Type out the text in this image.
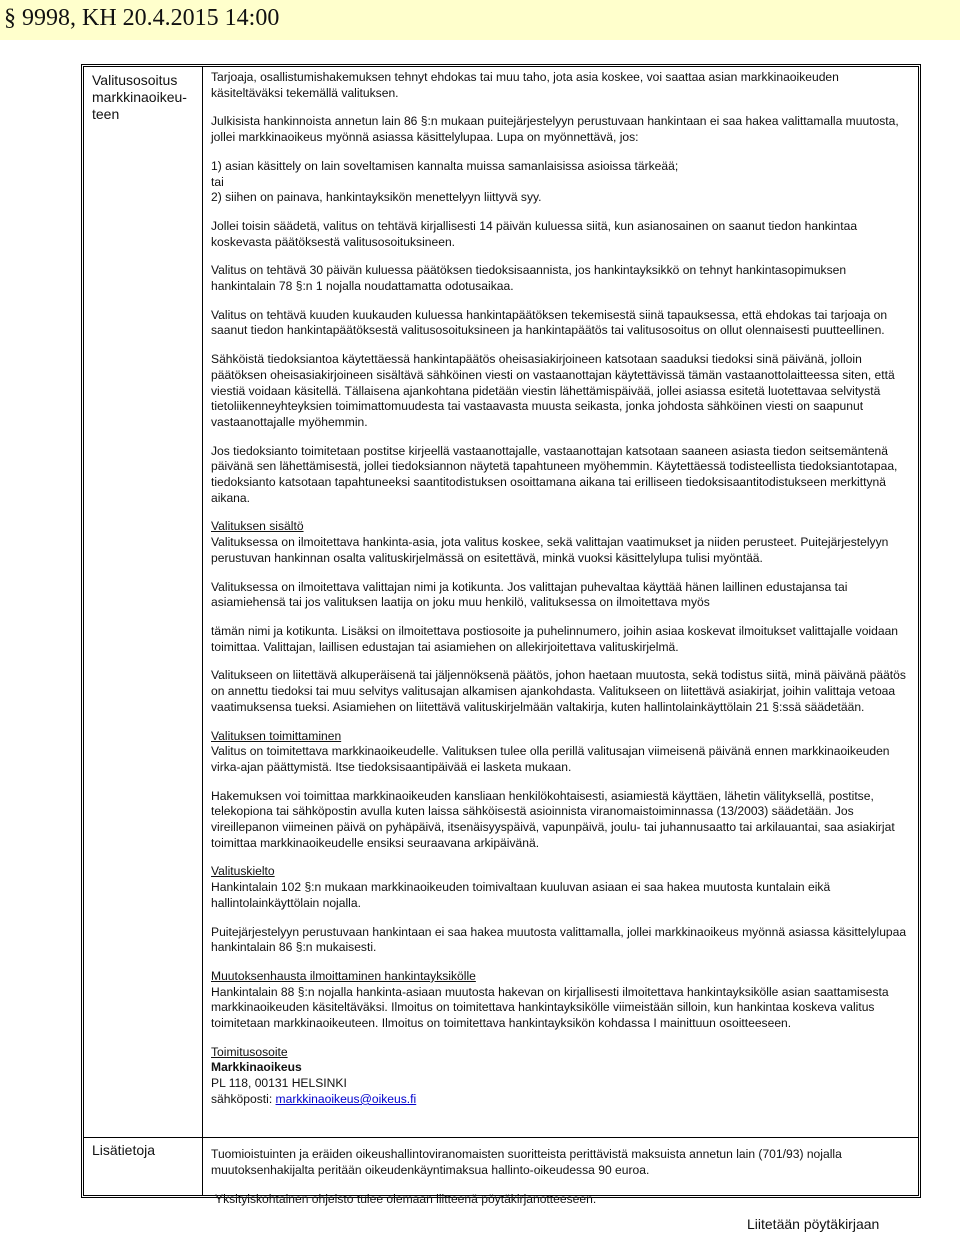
§ 9998, KH 20.4.2015 14:00
Valitusosoitus
markkinaoikeu-
teen
Lisätietoja

Tarjoaja, osallistumishakemuksen tehnyt ehdokas tai muu taho, jota asia koskee, voi saattaa asian markkinaoikeuden käsiteltäväksi tekemällä valituksen.

Julkisista hankinnoista annetun lain 86 §:n mukaan puitejärjestelyyn perustuvaan hankintaan ei saa hakea valittamalla muutosta, jollei markkinaoikeus myönnä asiassa käsittelylupaa. Lupa on myönnettävä, jos:

1) asian käsittely on lain soveltamisen kannalta muissa samanlaisissa asioissa tärkeää;
tai
2) siihen on painava, hankintayksikön menettelyyn liittyvä syy.

Jollei toisin säädetä, valitus on tehtävä kirjallisesti 14 päivän kuluessa siitä, kun asianosainen on saanut tiedon hankintaa koskevasta päätöksestä valitusosoituksineen.

Valitus on tehtävä 30 päivän kuluessa päätöksen tiedoksisaannista, jos hankintayksikkö on tehnyt hankintasopimuksen hankintalain 78 §:n 1 nojalla noudattamatta odotusaikaa.

Valitus on tehtävä kuuden kuukauden kuluessa hankintapäätöksen tekemisestä siinä tapauksessa, että ehdokas tai tarjoaja on saanut tiedon hankintapäätöksestä valitusosoituksineen ja hankintapäätös tai valitusosoitus on ollut olennaisesti puutteellinen.

Sähköistä tiedoksiantoa käytettäessä hankintapäätös oheisasiakirjoineen katsotaan saaduksi tiedoksi sinä päivänä, jolloin päätöksen oheisasiakirjoineen sisältävä sähköinen viesti on vastaanottajan käytettävissä tämän vastaanottolaitteessa siten, että viestiä voidaan käsitellä. Tällaisena ajankohtana pidetään viestin lähettämispäivää, jollei asiassa esitetä luotettavaa selvitystä tietoliikenneyhteyksien toimimattomuudesta tai vastaavasta muusta seikasta, jonka johdosta sähköinen viesti on saapunut vastaanottajalle myöhemmin.

Jos tiedoksianto toimitetaan postitse kirjeellä vastaanottajalle, vastaanottajan katsotaan saaneen asiasta tiedon seitsemäntenä päivänä sen lähettämisestä, jollei tiedoksiannon näytetä tapahtuneen myöhemmin. Käytettäessä todisteellista tiedoksiantotapaa, tiedoksianto katsotaan tapahtuneeksi saantitodistuksen osoittamana aikana tai erilliseen tiedoksisaantitodistukseen merkittynä aikana.

Valituksen sisältö
Valituksessa on ilmoitettava hankinta-asia, jota valitus koskee, sekä valittajan vaatimukset ja niiden perusteet. Puitejärjestelyyn perustuvan hankinnan osalta valituskirjelmässä on esitettävä, minkä vuoksi käsittelylupa tulisi myöntää.

Valituksessa on ilmoitettava valittajan nimi ja kotikunta. Jos valittajan puhevaltaa käyttää hänen laillinen edustajansa tai asiamiehensä tai jos valituksen laatija on joku muu henkilö, valituksessa on ilmoitettava myös

tämän nimi ja kotikunta. Lisäksi on ilmoitettava postiosoite ja puhelinnumero, joihin asiaa koskevat ilmoitukset valittajalle voidaan toimittaa. Valittajan, laillisen edustajan tai asiamiehen on allekirjoitettava valituskirjelmä.

Valitukseen on liitettävä alkuperäisenä tai jäljennöksenä päätös, johon haetaan muutosta, sekä todistus siitä, minä päivänä päätös on annettu tiedoksi tai muu selvitys valitusajan alkamisen ajankohdasta. Valitukseen on liitettävä asiakirjat, joihin valittaja vetoaa vaatimuksensa tueksi. Asiamiehen on liitettävä valituskirjelmään valtakirja, kuten hallintolainkäyttölain 21 §:ssä säädetään.

Valituksen toimittaminen
Valitus on toimitettava markkinaoikeudelle. Valituksen tulee olla perillä valitusajan viimeisenä päivänä ennen markkinaoikeuden virka-ajan päättymistä. Itse tiedoksisaantipäivää ei lasketa mukaan.

Hakemuksen voi toimittaa markkinaoikeuden kansliaan henkilökohtaisesti, asiamiestä käyttäen, lähetin välityksellä, postitse, telekopiona tai sähköpostin avulla kuten laissa sähköisestä asioinnista viranomaistoiminnassa (13/2003) säädetään. Jos vireillepanon viimeinen päivä on pyhäpäivä, itsenäisyyspäivä, vapunpäivä, joulu- tai juhannusaatto tai arkilauantai, saa asiakirjat toimittaa markkinaoikeudelle ensiksi seuraavana arkipäivänä.

Valituskielto
Hankintalain 102 §:n mukaan markkinaoikeuden toimivaltaan kuuluvan asiaan ei saa hakea muutosta kuntalain eikä hallintolainkäyttölain nojalla.

Puitejärjestelyyn perustuvaan hankintaan ei saa hakea muutosta valittamalla, jollei markkinaoikeus myönnä asiassa käsittelylupaa hankintalain 86 §:n mukaisesti.

Muutoksenhausta ilmoittaminen hankintayksikölle
Hankintalain 88 §:n nojalla hankinta-asiaan muutosta hakevan on kirjallisesti ilmoitettava hankintayksikölle asian saattamisesta markkinaoikeuden käsiteltäväksi. Ilmoitus on toimitettava hankintayksikölle viimeistään silloin, kun hankintaa koskeva valitus toimitetaan markkinaoikeuteen. Ilmoitus on toimitettava hankintayksikön kohdassa I mainittuun osoitteeseen.

Toimitusosoite
Markkinaoikeus
PL 118, 00131 HELSINKI
sähköposti: markkinaoikeus@oikeus.fi

Tuomioistuinten ja eräiden oikeushallintoviranomaisten suoritteista perittävistä maksuista annetun lain (701/93) nojalla muutoksenhakijalta peritään oikeudenkäyntimaksua hallinto-oikeudessa 90 euroa.

Yksityiskohtainen ohjeisto tulee olemaan liitteenä pöytäkirjanotteeseen.

Liitetään pöytäkirjaan
